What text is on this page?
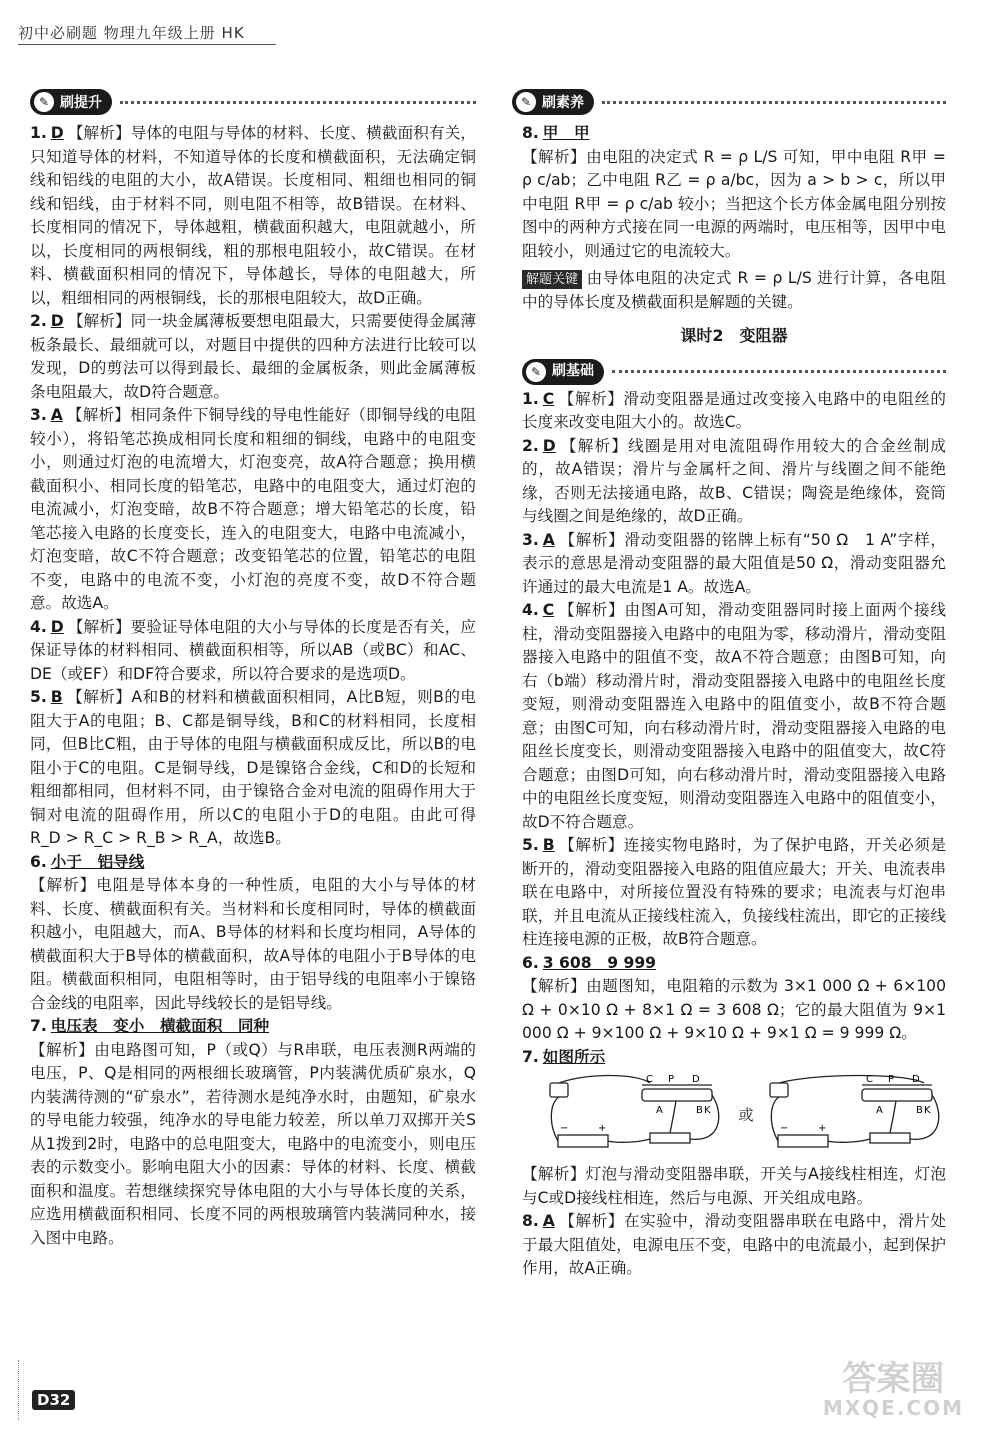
初中必刷题 物理九年级上册 HK
✎ 刷提升

1. D 【解析】导体的电阻与导体的材料、长度、横截面积有关，只知道导体的材料，不知道导体的长度和横截面积，无法确定铜线和铝线的电阻的大小，故A错误。长度相同、粗细也相同的铜线和铝线，由于材料不同，则电阻不相等，故B错误。在材料、长度相同的情况下，导体越粗，横截面积越大，电阻就越小，所以，长度相同的两根铜线，粗的那根电阻较小，故C错误。在材料、横截面积相同的情况下，导体越长，导体的电阻越大，所以，粗细相同的两根铜线，长的那根电阻较大，故D正确。

2. D 【解析】同一块金属薄板要想电阻最大，只需要使得金属薄板条最长、最细就可以，对题目中提供的四种方法进行比较可以发现，D的剪法可以得到最长、最细的金属板条，则此金属薄板条电阻最大，故D符合题意。

3. A 【解析】相同条件下铜导线的导电性能好（即铜导线的电阻较小），将铅笔芯换成相同长度和粗细的铜线，电路中的电阻变小，则通过灯泡的电流增大，灯泡变亮，故A符合题意；换用横截面积小、相同长度的铅笔芯，电路中的电阻变大，通过灯泡的电流减小，灯泡变暗，故B不符合题意；增大铅笔芯的长度，铅笔芯接入电路的长度变长，连入的电阻变大，电路中电流减小，灯泡变暗，故C不符合题意；改变铅笔芯的位置，铅笔芯的电阻不变，电路中的电流不变，小灯泡的亮度不变，故D不符合题意。故选A。

4. D 【解析】要验证导体电阻的大小与导体的长度是否有关，应保证导体的材料相同、横截面积相等，所以AB（或BC）和AC、DE（或EF）和DF符合要求，所以符合要求的是选项D。

5. B 【解析】A和B的材料和横截面积相同，A比B短，则B的电阻大于A的电阻；B、C都是铜导线，B和C的材料相同，长度相同，但B比C粗，由于导体的电阻与横截面积成反比，所以B的电阻小于C的电阻。C是铜导线，D是镍铬合金线，C和D的长短和粗细都相同，但材料不同，由于镍铬合金对电流的阻碍作用大于铜对电流的阻碍作用，所以C的电阻小于D的电阻。由此可得 R_D > R_C > R_B > R_A，故选B。

6. 小于　铝导线

【解析】电阻是导体本身的一种性质，电阻的大小与导体的材料、长度、横截面积有关。当材料和长度相同时，导体的横截面积越小，电阻越大，而A、B导体的材料和长度均相同，A导体的横截面积大于B导体的横截面积，故A导体的电阻小于B导体的电阻。横截面积相同，电阻相等时，由于铝导线的电阻率小于镍铬合金线的电阻率，因此导线较长的是铝导线。

7. 电压表　变小　横截面积　同种

【解析】由电路图可知，P（或Q）与R串联，电压表测R两端的电压，P、Q是相同的两根细长玻璃管，P内装满优质矿泉水，Q内装满待测的“矿泉水”，若待测水是纯净水时，由题知，矿泉水的导电能力较强，纯净水的导电能力较差，所以单刀双掷开关S从1拨到2时，电路中的总电阻变大，电路中的电流变小，则电压表的示数变小。影响电阻大小的因素：导体的材料、长度、横截面积和温度。若想继续探究导体电阻的大小与导体长度的关系，应选用横截面积相同、长度不同的两根玻璃管内装满同种水，接入图中电路。

✎ 刷素养

8. 甲　甲

【解析】由电阻的决定式 R = ρ L/S 可知，甲中电阻 R甲 = ρ c/ab；乙中电阻 R乙 = ρ a/bc，因为 a > b > c，所以甲中电阻 R甲 = ρ c/ab 较小；当把这个长方体金属电阻分别按图中的两种方式接在同一电源的两端时，电压相等，因甲中电阻较小，则通过它的电流较大。

解题关键 由导体电阻的决定式 R = ρ L/S 进行计算，各电阻中的导体长度及横截面积是解题的关键。

课时2　变阻器
✎ 刷基础

1. C 【解析】滑动变阻器是通过改变接入电路中的电阻丝的长度来改变电阻大小的。故选C。

2. D 【解析】线圈是用对电流阻碍作用较大的合金丝制成的，故A错误；滑片与金属杆之间、滑片与线圈之间不能绝缘，否则无法接通电路，故B、C错误；陶瓷是绝缘体，瓷筒与线圈之间是绝缘的，故D正确。

3. A 【解析】滑动变阻器的铭牌上标有“50 Ω　1 A”字样，表示的意思是滑动变阻器的最大阻值是50 Ω，滑动变阻器允许通过的最大电流是1 A。故选A。

4. C 【解析】由图A可知，滑动变阻器同时接上面两个接线柱，滑动变阻器接入电路中的电阻为零，移动滑片，滑动变阻器接入电路中的阻值不变，故A不符合题意；由图B可知，向右（b端）移动滑片时，滑动变阻器接入电路中的电阻丝长度变短，则滑动变阻器连入电路中的阻值变小，故B不符合题意；由图C可知，向右移动滑片时，滑动变阻器接入电路的电阻丝长度变长，则滑动变阻器接入电路中的阻值变大，故C符合题意；由图D可知，向右移动滑片时，滑动变阻器接入电路中的电阻丝长度变短，则滑动变阻器连入电路中的阻值变小，故D不符合题意。

5. B 【解析】连接实物电路时，为了保护电路，开关必须是断开的，滑动变阻器接入电路的阻值应最大；开关、电流表串联在电路中，对所接位置没有特殊的要求；电流表与灯泡串联，并且电流从正接线柱流入，负接线柱流出，即它的正接线柱连接电源的正极，故B符合题意。

6. 3 608　9 999

【解析】由题图知，电阻箱的示数为 3×1 000 Ω + 6×100 Ω + 0×10 Ω + 8×1 Ω = 3 608 Ω；它的最大阻值为 9×1 000 Ω + 9×100 Ω + 9×10 Ω + 9×1 Ω = 9 999 Ω。

7. 如图所示

C P D
A	B K
−	+
或
C P D
A	B K
−	+

【解析】灯泡与滑动变阻器串联，开关与A接线柱相连，灯泡与C或D接线柱相连，然后与电源、开关组成电路。

8. A 【解析】在实验中，滑动变阻器串联在电路中，滑片处于最大阻值处，电源电压不变，电路中的电流最小，起到保护作用，故A正确。

D32
答案圈
MXQE.COM
